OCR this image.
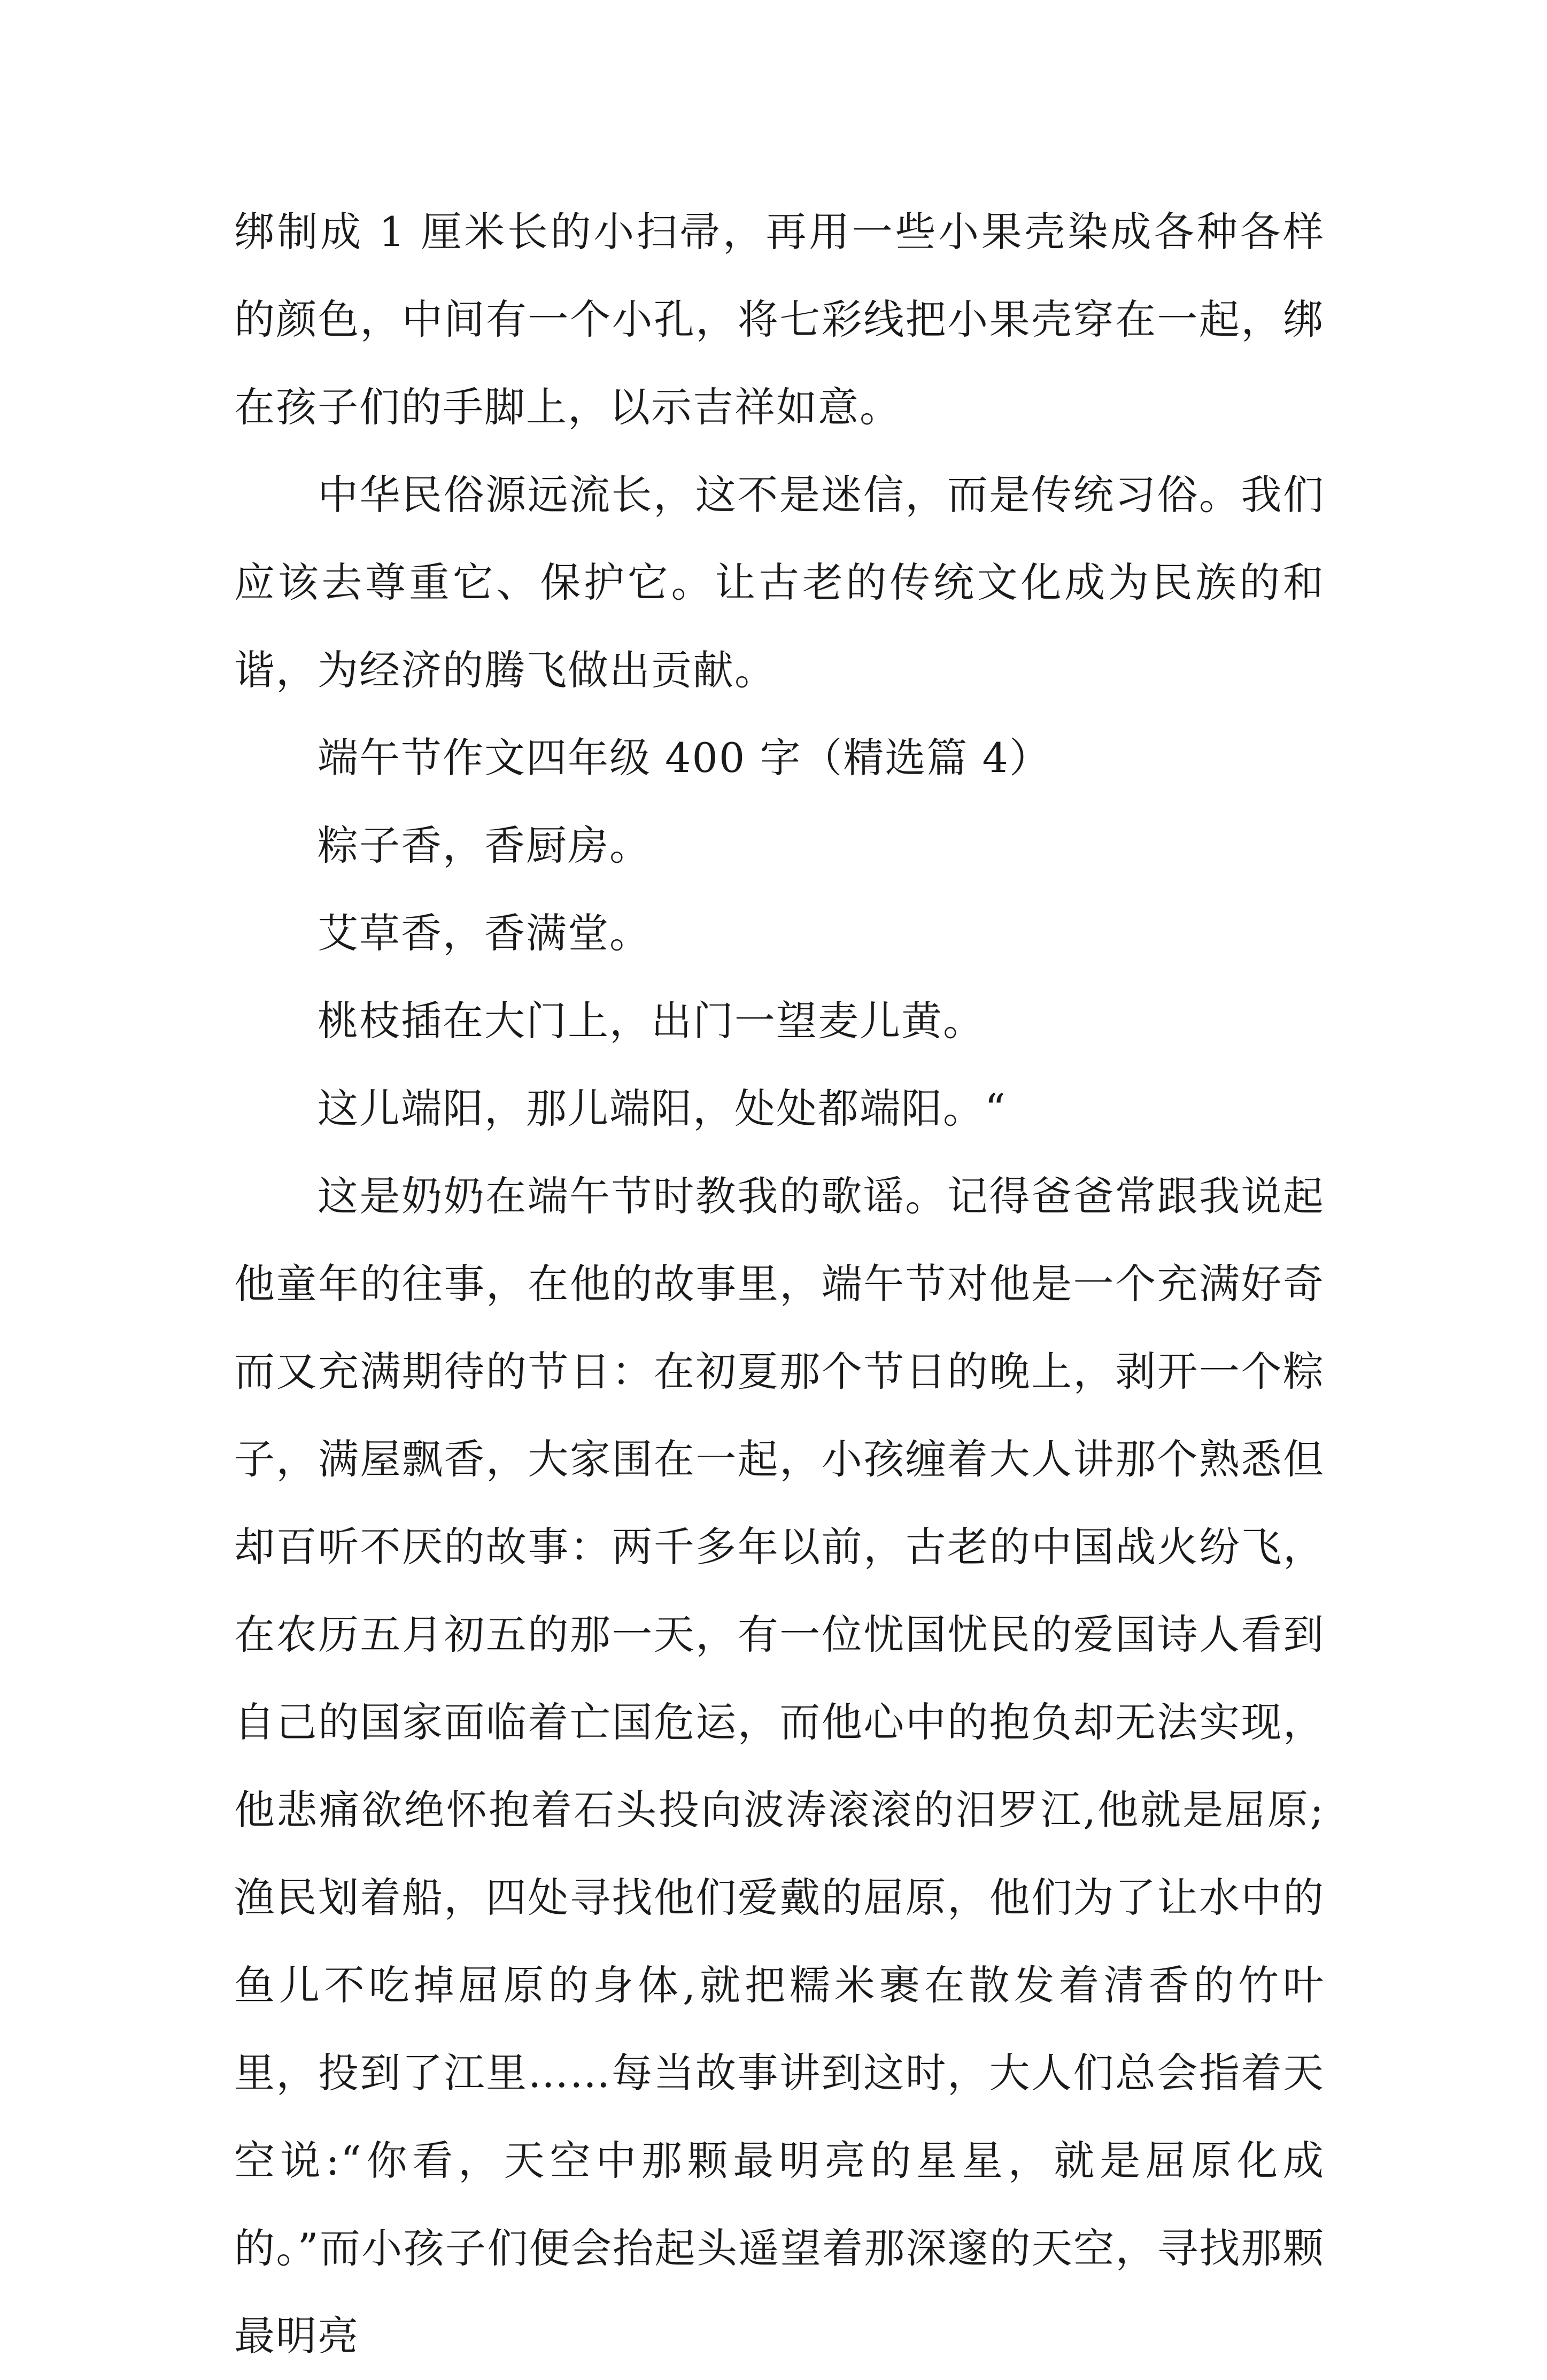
绑制成 1 厘米长的小扫帚，再用一些小果壳染成各种各样的颜色，中间有一个小孔，将七彩线把小果壳穿在一起，绑在孩子们的手脚上，以示吉祥如意。

中华民俗源远流长，这不是迷信，而是传统习俗。我们应该去尊重它、保护它。让古老的传统文化成为民族的和谐，为经济的腾飞做出贡献。

端午节作文四年级 400 字（精选篇 4）

粽子香，香厨房。

艾草香，香满堂。

桃枝插在大门上，出门一望麦儿黄。

这儿端阳，那儿端阳，处处都端阳。“

这是奶奶在端午节时教我的歌谣。记得爸爸常跟我说起他童年的往事，在他的故事里，端午节对他是一个充满好奇而又充满期待的节日：在初夏那个节日的晚上，剥开一个粽子，满屋飘香，大家围在一起，小孩缠着大人讲那个熟悉但却百听不厌的故事：两千多年以前，古老的中国战火纷飞，在农历五月初五的那一天，有一位忧国忧民的爱国诗人看到自己的国家面临着亡国危运，而他心中的抱负却无法实现，他悲痛欲绝怀抱着石头投向波涛滚滚的汨罗江,他就是屈原;渔民划着船，四处寻找他们爱戴的屈原，他们为了让水中的鱼儿不吃掉屈原的身体,就把糯米裹在散发着清香的竹叶里，投到了江里……每当故事讲到这时，大人们总会指着天空说:“你看，天空中那颗最明亮的星星，就是屈原化成的。”而小孩子们便会抬起头遥望着那深邃的天空，寻找那颗最明亮
